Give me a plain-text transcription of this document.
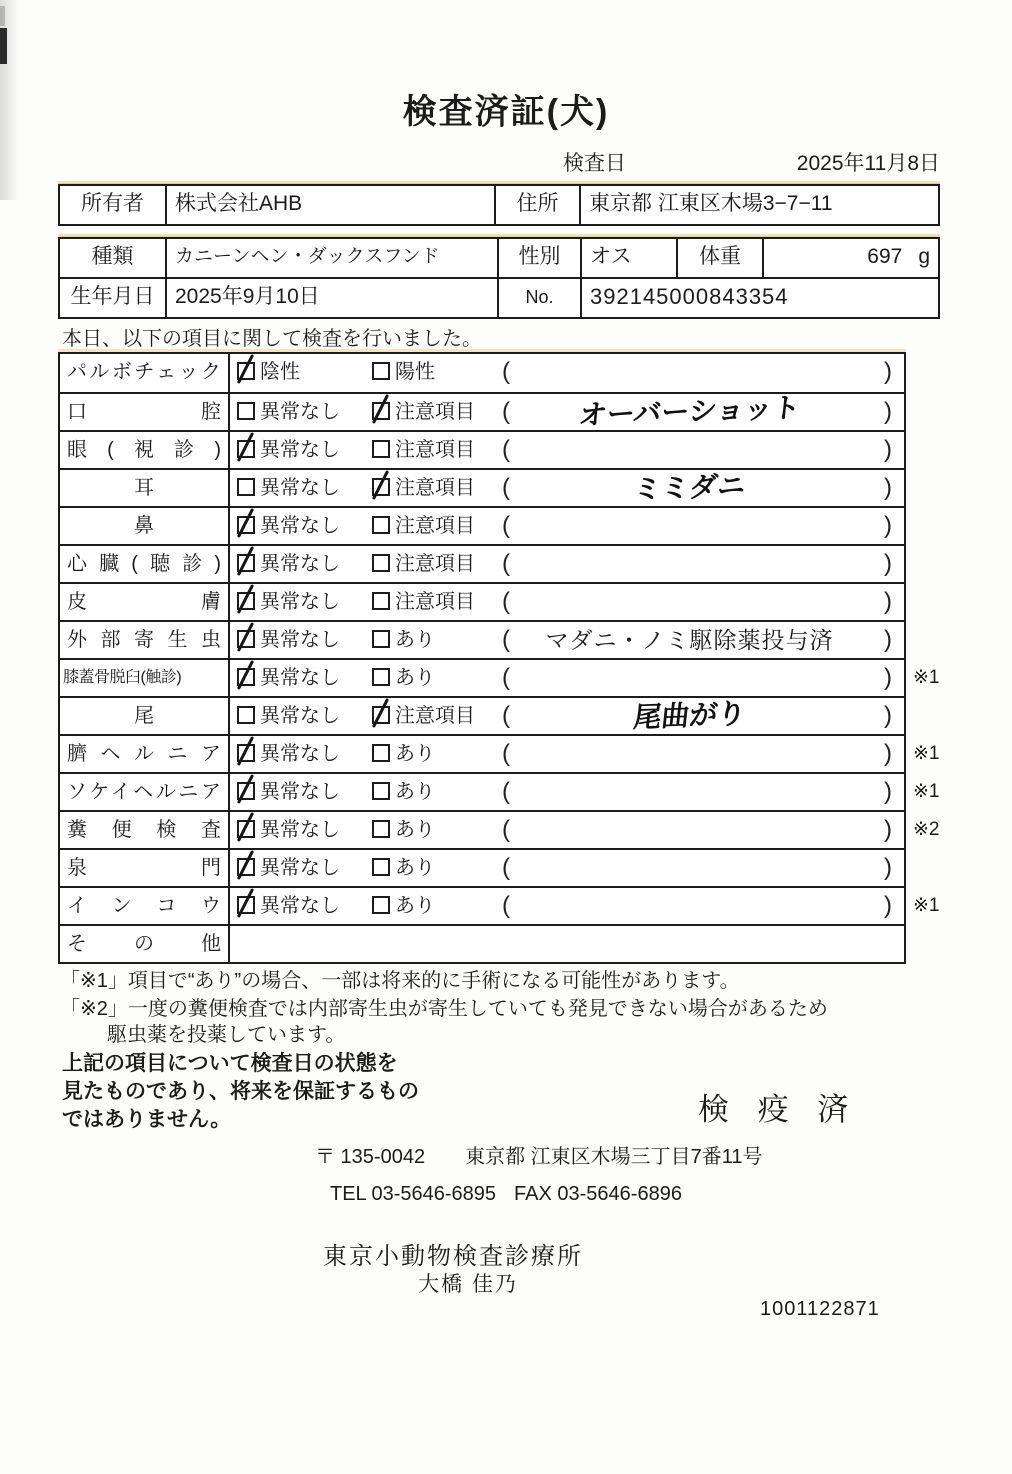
検査済証(犬)
検査日	2025年11月8日
所有者	株式会社AHB	住所	東京都 江東区木場3−7−11
種類	カニーンヘン・ダックスフンド	性別	オス	体重	697 g
生年月日 2025年9月10日	No.	392145000843354
本日、以下の項目に関して検査を行いました。
パルボチェック	陰性	陽性	(	)
口腔	異常なし	注意項目 (	オーバーショット	)
眼(視診)	異常なし	注意項目 (	)
耳	異常なし	注意項目 (	ミミダニ	)
鼻	異常なし	注意項目 (	)
心臓(聴診)	異常なし	注意項目 (	)
皮膚	異常なし	注意項目 (	)
外部寄生虫	異常なし	あり	(	マダニ・ノミ駆除薬投与済	)
膝蓋骨脱臼(触診)	異常なし	あり	(	) ※1
尾	異常なし	注意項目 (	尾曲がり	)
臍ヘルニア	異常なし	あり	(	) ※1
ソケイヘルニア	異常なし	あり	(	) ※1
糞便検査	異常なし	あり	(	) ※2
泉門	異常なし	あり	(	)
インコウ	異常なし	あり	(	) ※1
その他
「※1」項目で“あり”の場合、一部は将来的に手術になる可能性があります。
「※2」一度の糞便検査では内部寄生虫が寄生していても発見できない場合があるため
駆虫薬を投薬しています。
上記の項目について検査日の状態を
見たものであり、将来を保証するもの
ではありません。	検 疫 済
〒 135-0042 東京都 江東区木場三丁目7番11号
TEL 03-5646-6895 FAX 03-5646-6896
東京小動物検査診療所
大橋 佳乃
1001122871
